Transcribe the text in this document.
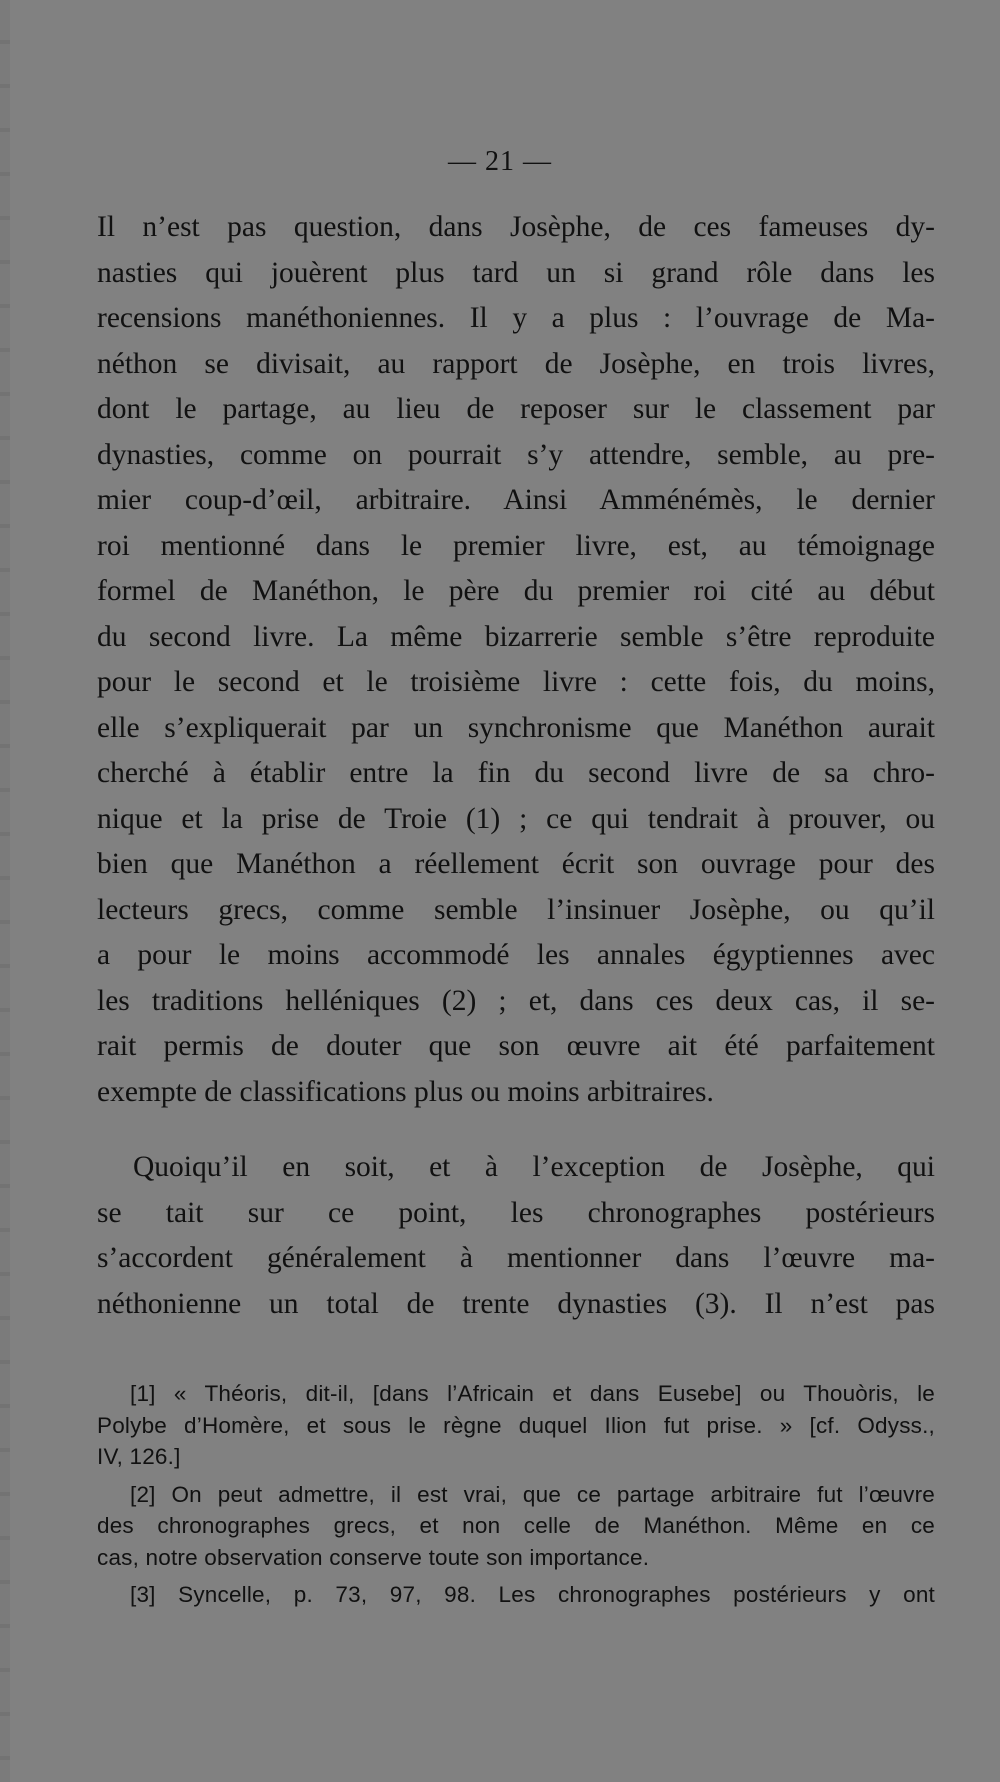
— 21 —

Il n’est pas question, dans Josèphe, de ces fameuses dy-

nasties qui jouèrent plus tard un si grand rôle dans les

recensions manéthoniennes. Il y a plus : l’ouvrage de Ma-

néthon se divisait, au rapport de Josèphe, en trois livres,

dont le partage, au lieu de reposer sur le classement par

dynasties, comme on pourrait s’y attendre, semble, au pre-

mier coup-d’œil, arbitraire. Ainsi Amménémès, le dernier

roi mentionné dans le premier livre, est, au témoignage

formel de Manéthon, le père du premier roi cité au début

du second livre. La même bizarrerie semble s’être reproduite

pour le second et le troisième livre : cette fois, du moins,

elle s’expliquerait par un synchronisme que Manéthon aurait

cherché à établir entre la fin du second livre de sa chro-

nique et la prise de Troie (1) ; ce qui tendrait à prouver, ou

bien que Manéthon a réellement écrit son ouvrage pour des

lecteurs grecs, comme semble l’insinuer Josèphe, ou qu’il

a pour le moins accommodé les annales égyptiennes avec

les traditions helléniques (2) ; et, dans ces deux cas, il se-

rait permis de douter que son œuvre ait été parfaitement

exempte de classifications plus ou moins arbitraires.

Quoiqu’il en soit, et à l’exception de Josèphe, qui

se tait sur ce point, les chronographes postérieurs

s’accordent généralement à mentionner dans l’œuvre ma-

néthonienne un total de trente dynasties (3). Il n’est pas

[1] « Théoris, dit-il, [dans l’Africain et dans Eusebe] ou Thouòris, le

Polybe d’Homère, et sous le règne duquel Ilion fut prise. » [cf. Odyss.,

IV, 126.]

[2] On peut admettre, il est vrai, que ce partage arbitraire fut l’œuvre

des chronographes grecs, et non celle de Manéthon. Même en ce

cas, notre observation conserve toute son importance.

[3] Syncelle, p. 73, 97, 98. Les chronographes postérieurs y ont
